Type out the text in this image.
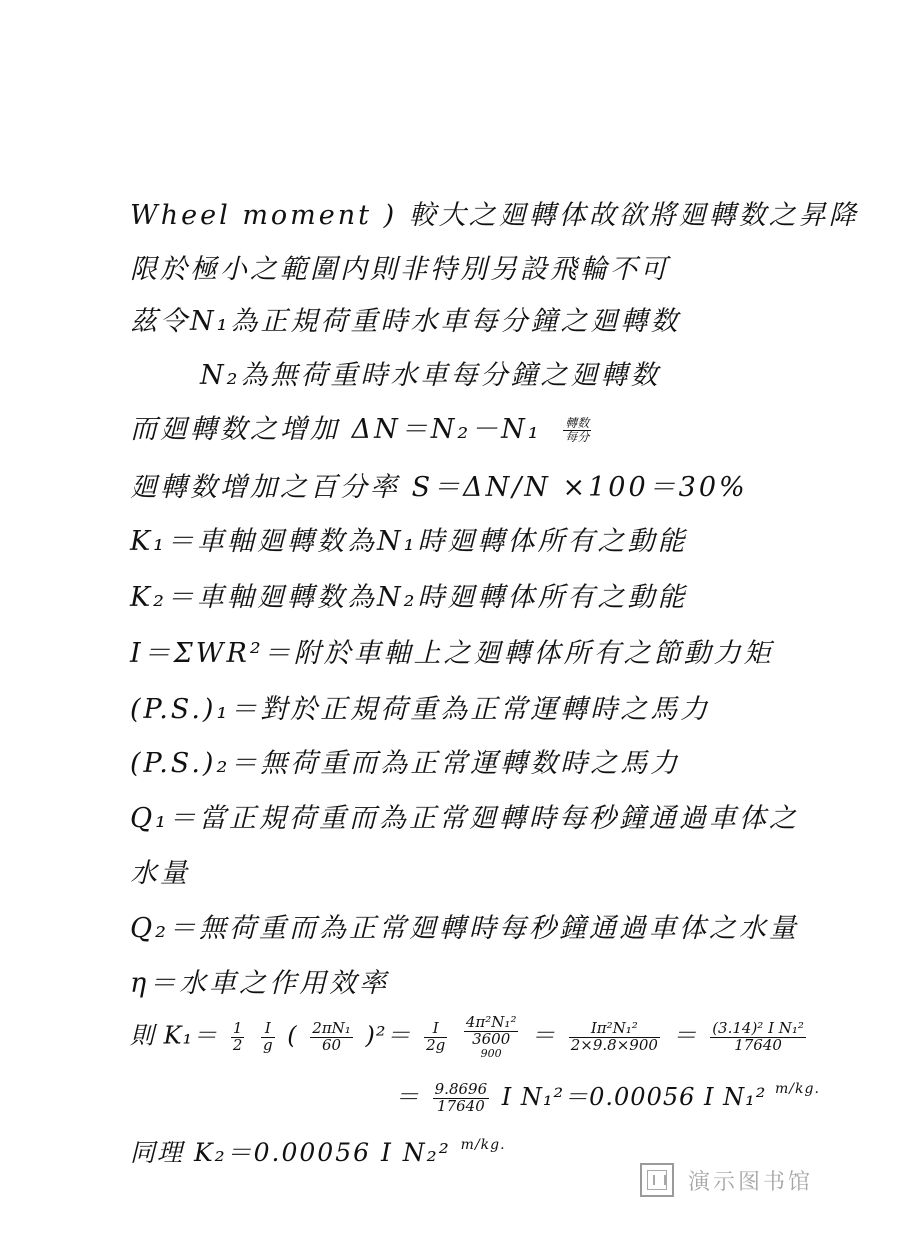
Wheel moment ) 較大之廻轉体故欲將廻轉数之昇降
限於極小之範圍内則非特別另設飛輪不可
茲令N₁為正規荷重時水車每分鐘之廻轉数
N₂為無荷重時水車每分鐘之廻轉数
而廻轉数之增加 $\Delta N=N_2-N_1 \frac{\text{轉数}}{\text{每分}}$
廻轉数增加之百分率 S＝ΔN/N ×100＝30%
K₁＝車軸廻轉数為N₁時廻轉体所有之動能
K₂＝車軸廻轉数為N₂時廻轉体所有之動能
I＝ΣWR²＝附於車軸上之廻轉体所有之節動力矩
(P.S.)₁＝對於正規荷重為正常運轉時之馬力
(P.S.)₂＝無荷重而為正常運轉数時之馬力
Q₁＝當正規荷重而為正常廻轉時每秒鐘通過車体之
水量
Q₂＝無荷重而為正常廻轉時每秒鐘通過車体之水量
η＝水車之作用效率
則 $K_1= \frac{1}{2}$
$\frac{I}{g}$ ( $\frac{\text{2πN₁}}{60} )^2= \frac{I}{2g}$
4π²N₁²
3600
900
＝ $\frac{\text{Iπ²N₁²}}{2\times 9.8\times 900} = \frac{\text{(3.14)² I N₁²}}{17640}$
＝ $\frac{9.8696}{17640}$ I N₁²＝0.00056 I N₁² $^{m/kg.}$
同理 K₂＝0.00056 I N₂² $^{m/kg.}$
演示图书馆
